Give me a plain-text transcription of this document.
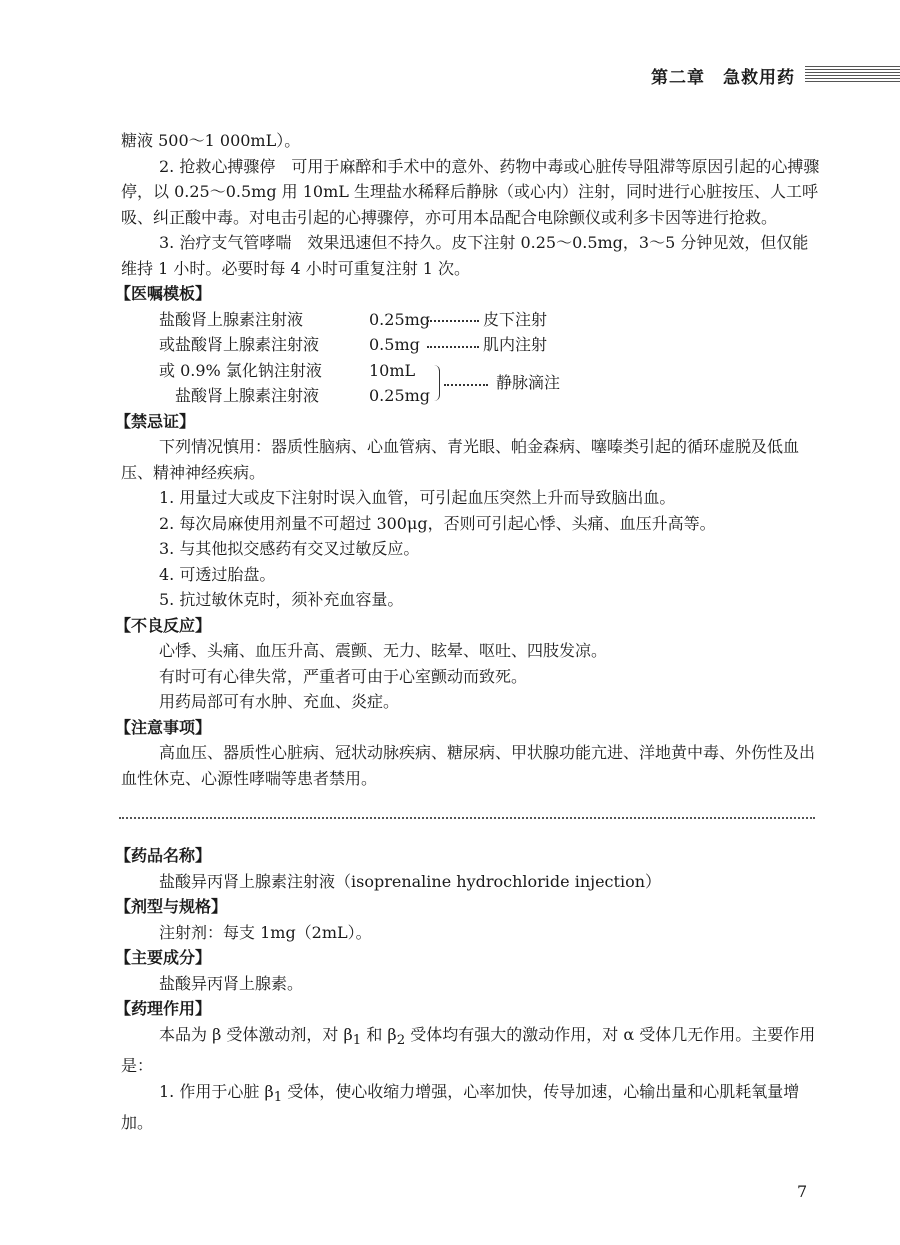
第二章　急救用药

糖液 500～1 000mL）。

2. 抢救心搏骤停　可用于麻醉和手术中的意外、药物中毒或心脏传导阻滞等原因引起的心搏骤停，以 0.25～0.5mg 用 10mL 生理盐水稀释后静脉（或心内）注射，同时进行心脏按压、人工呼吸、纠正酸中毒。对电击引起的心搏骤停，亦可用本品配合电除颤仪或利多卡因等进行抢救。

3. 治疗支气管哮喘　效果迅速但不持久。皮下注射 0.25～0.5mg，3～5 分钟见效，但仅能维持 1 小时。必要时每 4 小时可重复注射 1 次。

【医嘱模板】

盐酸肾上腺素注射液	0.25mg	皮下注射
或盐酸肾上腺素注射液	0.5mg	肌内注射
或 0.9% 氯化钠注射液	10mL
盐酸肾上腺素注射液	0.25mg
静脉滴注

【禁忌证】

下列情况慎用：器质性脑病、心血管病、青光眼、帕金森病、噻嗪类引起的循环虚脱及低血压、精神神经疾病。

1. 用量过大或皮下注射时误入血管，可引起血压突然上升而导致脑出血。

2. 每次局麻使用剂量不可超过 300μg，否则可引起心悸、头痛、血压升高等。

3. 与其他拟交感药有交叉过敏反应。

4. 可透过胎盘。

5. 抗过敏休克时，须补充血容量。

【不良反应】

心悸、头痛、血压升高、震颤、无力、眩晕、呕吐、四肢发凉。

有时可有心律失常，严重者可由于心室颤动而致死。

用药局部可有水肿、充血、炎症。

【注意事项】

高血压、器质性心脏病、冠状动脉疾病、糖尿病、甲状腺功能亢进、洋地黄中毒、外伤性及出血性休克、心源性哮喘等患者禁用。

【药品名称】

盐酸异丙肾上腺素注射液（isoprenaline hydrochloride injection）

【剂型与规格】

注射剂：每支 1mg（2mL）。

【主要成分】

盐酸异丙肾上腺素。

【药理作用】

本品为 β 受体激动剂，对 $\beta_1$ 和 $\beta_2$ 受体均有强大的激动作用，对 α 受体几无作用。主要作用是：

1. 作用于心脏 $\beta_1$ 受体，使心收缩力增强，心率加快，传导加速，心输出量和心肌耗氧量增加。

7
